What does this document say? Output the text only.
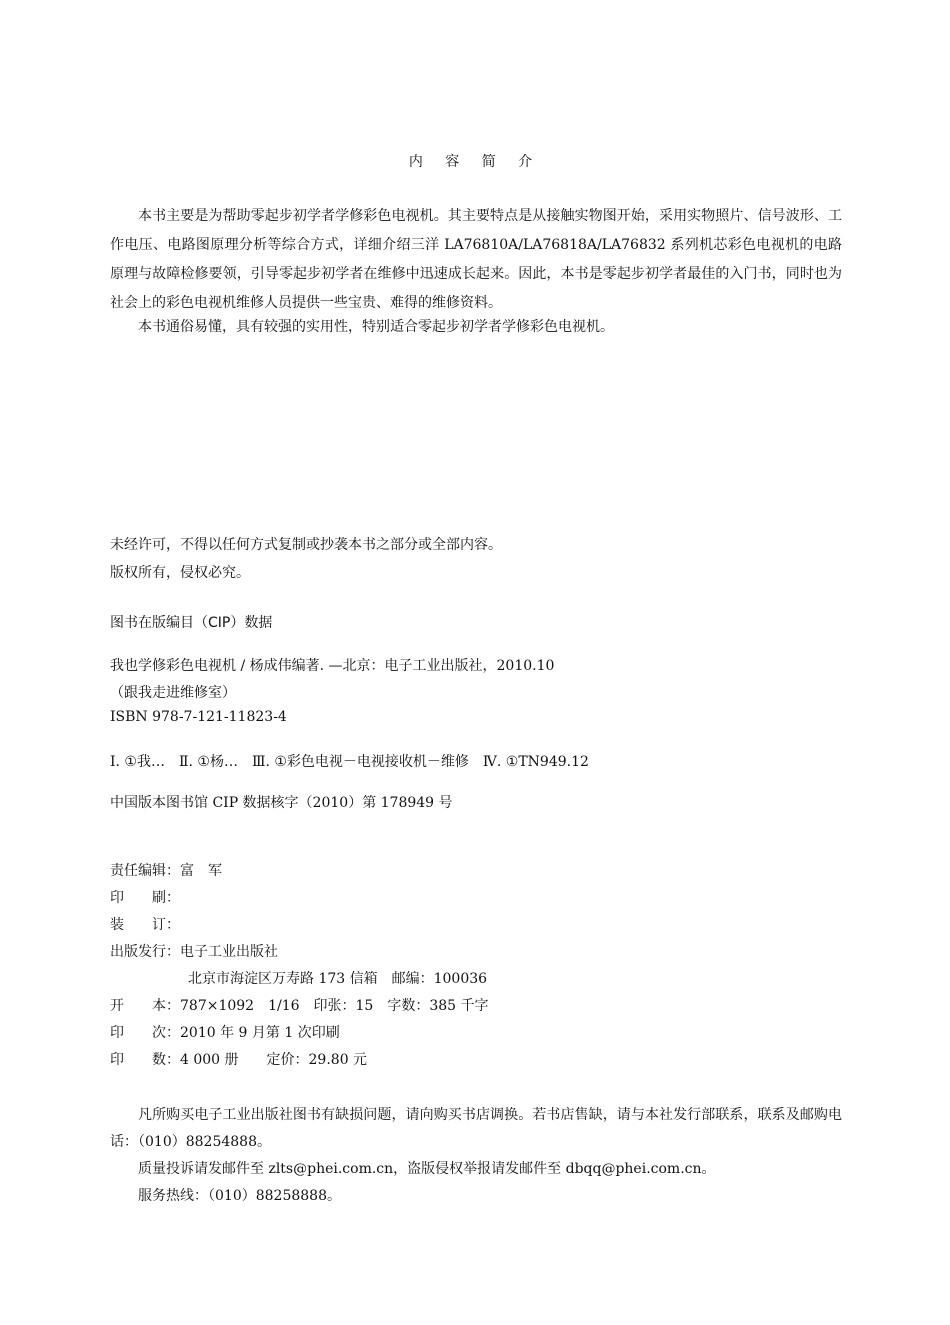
内 容 简 介

本书主要是为帮助零起步初学者学修彩色电视机。其主要特点是从接触实物图开始，采用实物照片、信号波形、工作电压、电路图原理分析等综合方式，详细介绍三洋 LA76810A/LA76818A/LA76832 系列机芯彩色电视机的电路原理与故障检修要领，引导零起步初学者在维修中迅速成长起来。因此，本书是零起步初学者最佳的入门书，同时也为社会上的彩色电视机维修人员提供一些宝贵、难得的维修资料。

本书通俗易懂，具有较强的实用性，特别适合零起步初学者学修彩色电视机。

未经许可，不得以任何方式复制或抄袭本书之部分或全部内容。
版权所有，侵权必究。
图书在版编目（CIP）数据
我也学修彩色电视机 / 杨成伟编著. —北京：电子工业出版社，2010.10
（跟我走进维修室）
ISBN 978-7-121-11823-4
Ⅰ. ①我…　Ⅱ. ①杨…　Ⅲ. ①彩色电视－电视接收机－维修　Ⅳ. ①TN949.12
中国版本图书馆 CIP 数据核字（2010）第 178949 号
责任编辑：富　军
印　　刷：
装　　订：
出版发行：电子工业出版社
北京市海淀区万寿路 173 信箱　邮编：100036
开　　本：787×1092　1/16　印张：15　字数：385 千字
印　　次：2010 年 9 月第 1 次印刷
印　　数：4 000 册　　定价：29.80 元

凡所购买电子工业出版社图书有缺损问题，请向购买书店调换。若书店售缺，请与本社发行部联系，联系及邮购电话：（010）88254888。

质量投诉请发邮件至 zlts@phei.com.cn，盗版侵权举报请发邮件至 dbqq@phei.com.cn。

服务热线：（010）88258888。
